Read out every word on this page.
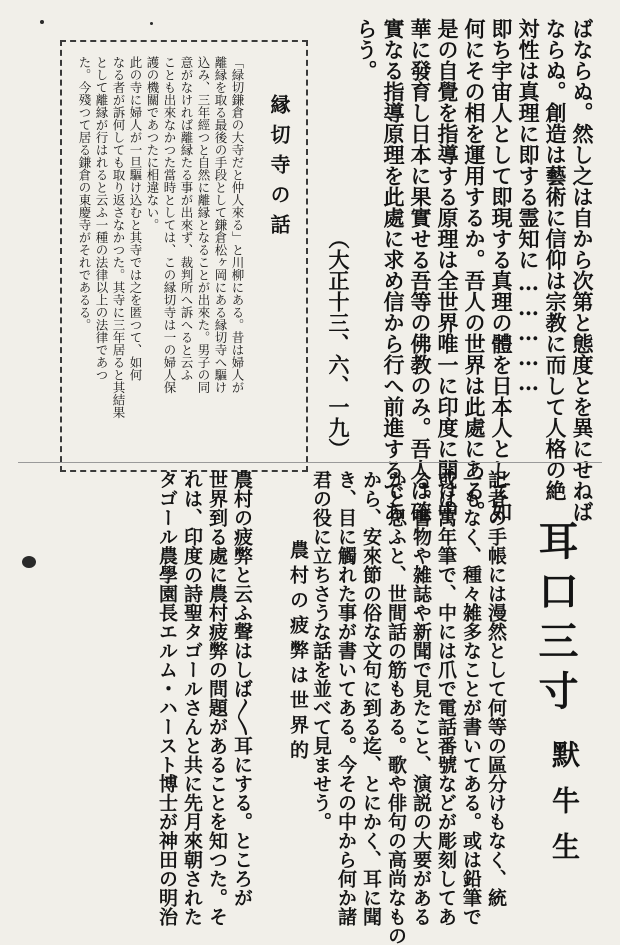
ばならぬ。然し之は自から次第と態度とを異にせねば
ならぬ。創造は藝術に信仰は宗教に而して人格の絶
対性は真理に即する霊知に……………
即ち宇宙人として即現する真理の體を日本人として如
何にその相を運用するか。吾人の世界は此處にある。
是の自覺を指導する原理は全世界唯一に印度に開け中
華に發育し日本に果實せる吾等の佛教のみ。吾人は確
實なる指導原理を此處に求め信から行へ前進するであ
らう。
（大正十三、六、一九）
縁切寺の話
「緑切鎌倉の大寺だと仲人來る」と川柳にある。昔は婦人が
離縁を取る最後の手段として鎌倉松ヶ岡にある縁切寺へ驅け
込み、三年經つと自然に離縁となることが出來た。男子の同
意がなければ離縁たる事が出來ず、裁判所へ訴へると云ふ
ことも出來なかつた當時としては、この縁切寺は一の婦人保
護の機關であつたに相違ない。
此の寺に婦人が一旦驅け込むと其寺では之を匿つて、如何
なる者が訴何しても取り返さなかつた。其寺に三年居ると其結果
として離縁が行はれると云ふ一種の法律以上の法律であつ
た。今殘つて居る鎌倉の東慶寺がそれであるる。
耳口三寸
默牛生
記者の手帳には漫然として何等の區分けもなく、統
一もなく、種々雑多なことが書いてある。或は鉛筆で
或は萬年筆で、中には爪で電話番號などが彫刻してあ
る。書物や雑誌や新聞で見たこと、演説の大要がある
かと思ふと、世間話の筋もある。歌や俳句の高尚なもの
から、安來節の俗な文句に到る迄、とにかく、耳に聞
き、目に觸れた事が書いてある。今その中から何か諸
君の役に立ちさうな話を並べて見ませう。
農村の疲弊は世界的
農村の疲弊と云ふ聲はしば〳〵耳にする。ところが
世界到る處に農村疲弊の問題があることを知つた。そ
れは、印度の詩聖タゴールさんと共に先月來朝された
タゴール農學園長エルム・ハースト博士が神田の明治
